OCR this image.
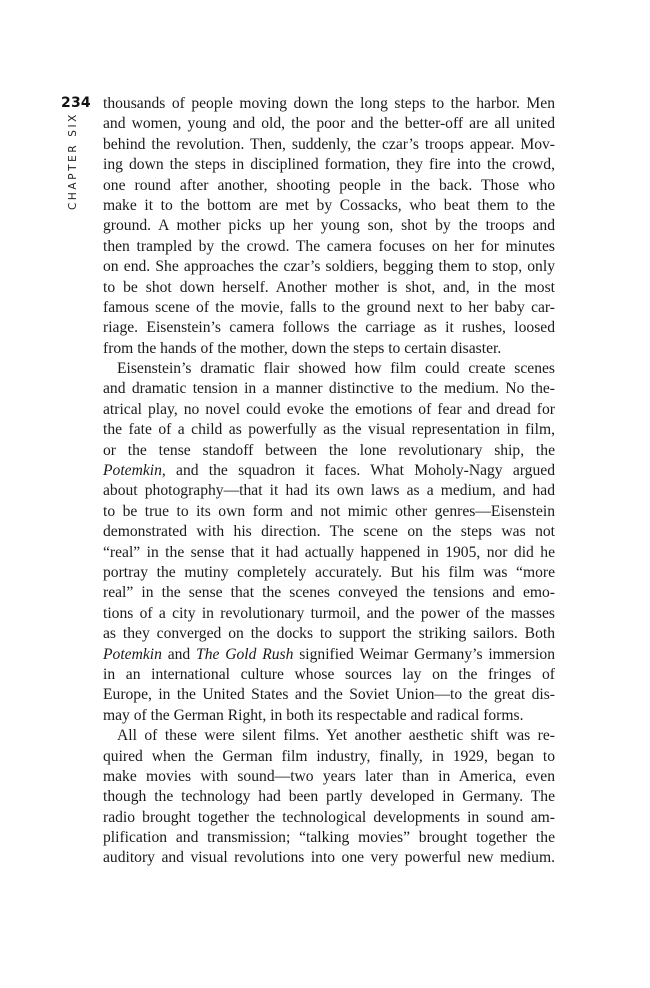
234
CHAPTER SIX
thousands of people moving down the long steps to the harbor. Men
and women, young and old, the poor and the better-off are all united
behind the revolution. Then, suddenly, the czar’s troops appear. Mov-
ing down the steps in disciplined formation, they fire into the crowd,
one round after another, shooting people in the back. Those who
make it to the bottom are met by Cossacks, who beat them to the
ground. A mother picks up her young son, shot by the troops and
then trampled by the crowd. The camera focuses on her for minutes
on end. She approaches the czar’s soldiers, begging them to stop, only
to be shot down herself. Another mother is shot, and, in the most
famous scene of the movie, falls to the ground next to her baby car-
riage. Eisenstein’s camera follows the carriage as it rushes, loosed
from the hands of the mother, down the steps to certain disaster.
Eisenstein’s dramatic flair showed how film could create scenes
and dramatic tension in a manner distinctive to the medium. No the-
atrical play, no novel could evoke the emotions of fear and dread for
the fate of a child as powerfully as the visual representation in film,
or the tense standoff between the lone revolutionary ship, the
Potemkin, and the squadron it faces. What Moholy-Nagy argued
about photography—that it had its own laws as a medium, and had
to be true to its own form and not mimic other genres—Eisenstein
demonstrated with his direction. The scene on the steps was not
“real” in the sense that it had actually happened in 1905, nor did he
portray the mutiny completely accurately. But his film was “more
real” in the sense that the scenes conveyed the tensions and emo-
tions of a city in revolutionary turmoil, and the power of the masses
as they converged on the docks to support the striking sailors. Both
Potemkin and The Gold Rush signified Weimar Germany’s immersion
in an international culture whose sources lay on the fringes of
Europe, in the United States and the Soviet Union—to the great dis-
may of the German Right, in both its respectable and radical forms.
All of these were silent films. Yet another aesthetic shift was re-
quired when the German film industry, finally, in 1929, began to
make movies with sound—two years later than in America, even
though the technology had been partly developed in Germany. The
radio brought together the technological developments in sound am-
plification and transmission; “talking movies” brought together the
auditory and visual revolutions into one very powerful new medium.
